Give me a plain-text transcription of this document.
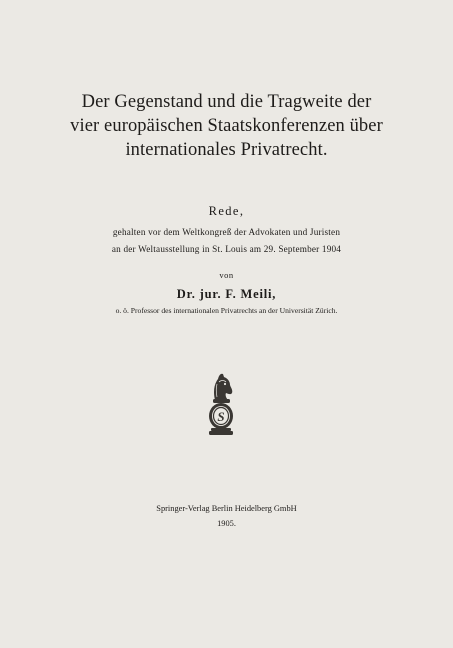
Der Gegenstand und die Tragweite der
vier europäischen Staatskonferenzen über
internationales Privatrecht.
Rede,
gehalten vor dem Weltkongreß der Advokaten und Juristen
an der Weltausstellung in St. Louis am 29. September 1904
von
Dr. jur. F. Meili,
o. ö. Professor des internationalen Privatrechts an der Universität Zürich.
S
Springer-Verlag Berlin Heidelberg GmbH
1905.
